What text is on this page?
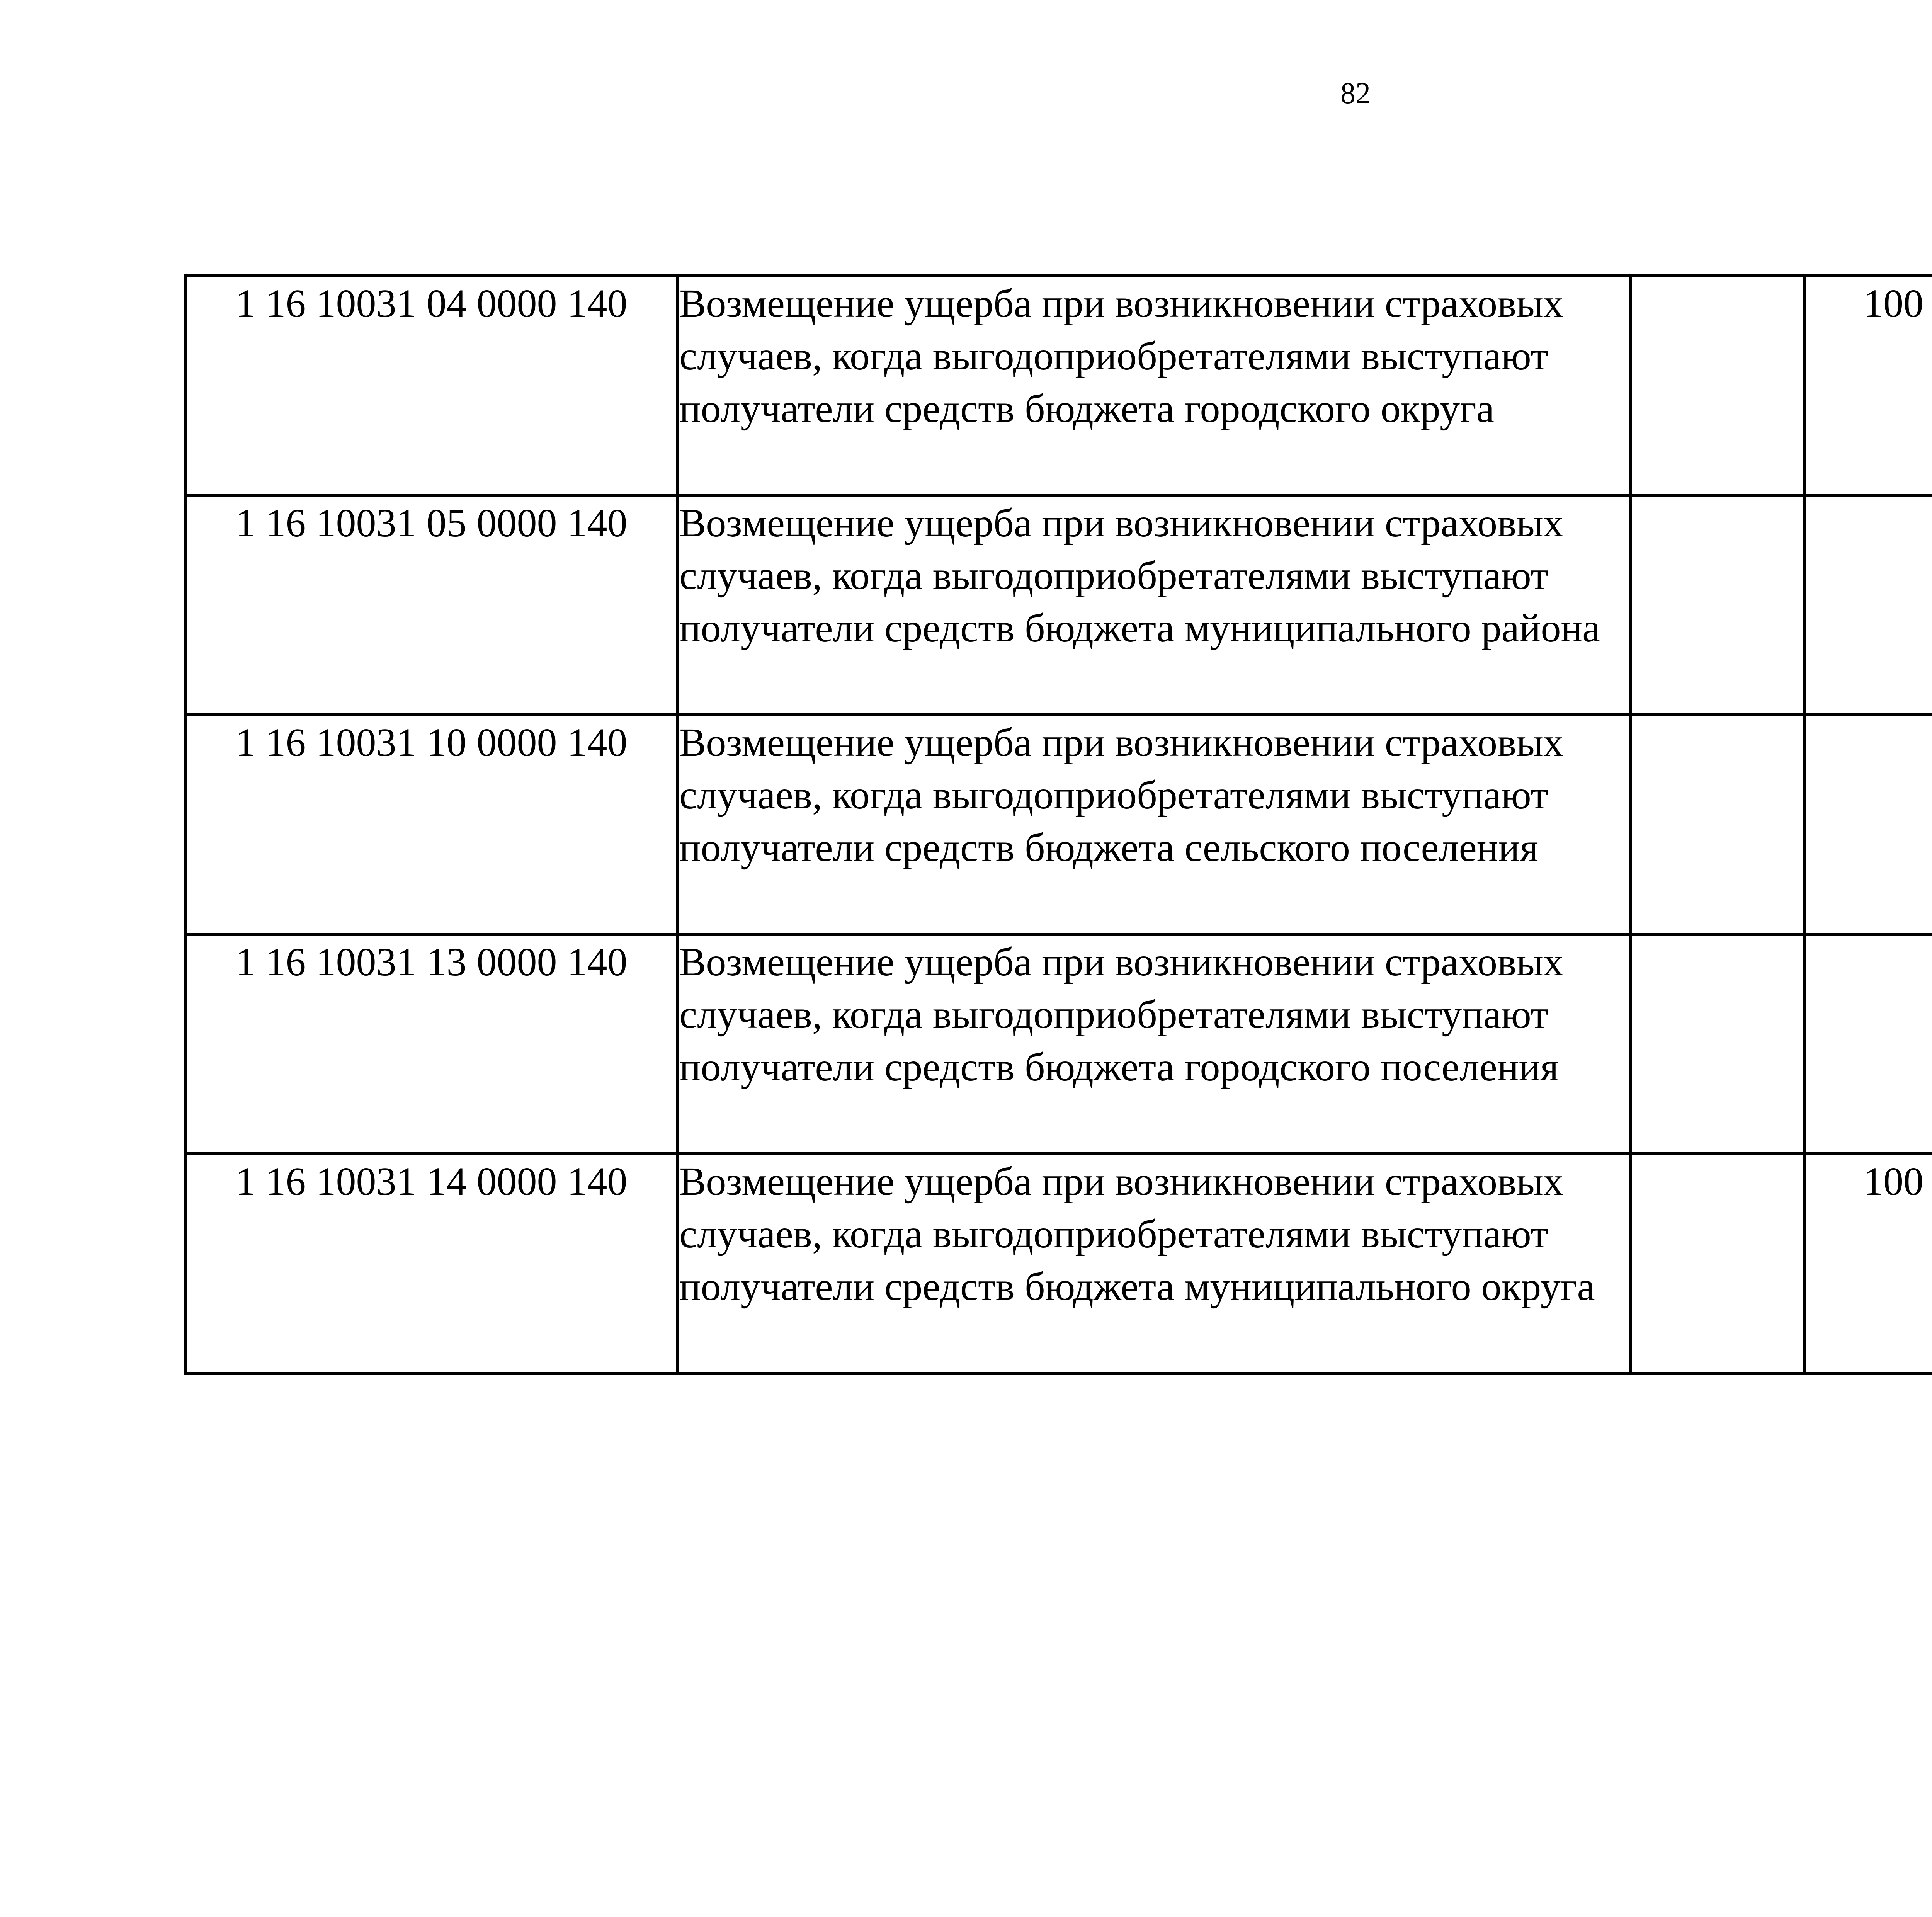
82
1 16 10031 04 0000 140	Возмещение ущерба при возникновении страховых случаев, когда выгодоприобретателями выступают получатели средств бюджета городского округа		100			
1 16 10031 05 0000 140	Возмещение ущерба при возникновении страховых случаев, когда выгодоприобретателями выступают получатели средств бюджета муниципального района					
1 16 10031 10 0000 140	Возмещение ущерба при возникновении страховых случаев, когда выгодоприобретателями выступают получатели средств бюджета сельского поселения					
1 16 10031 13 0000 140	Возмещение ущерба при возникновении страховых случаев, когда выгодоприобретателями выступают получатели средств бюджета городского поселения					
1 16 10031 14 0000 140	Возмещение ущерба при возникновении страховых случаев, когда выгодоприобретателями выступают получатели средств бюджета муниципального округа		100			
